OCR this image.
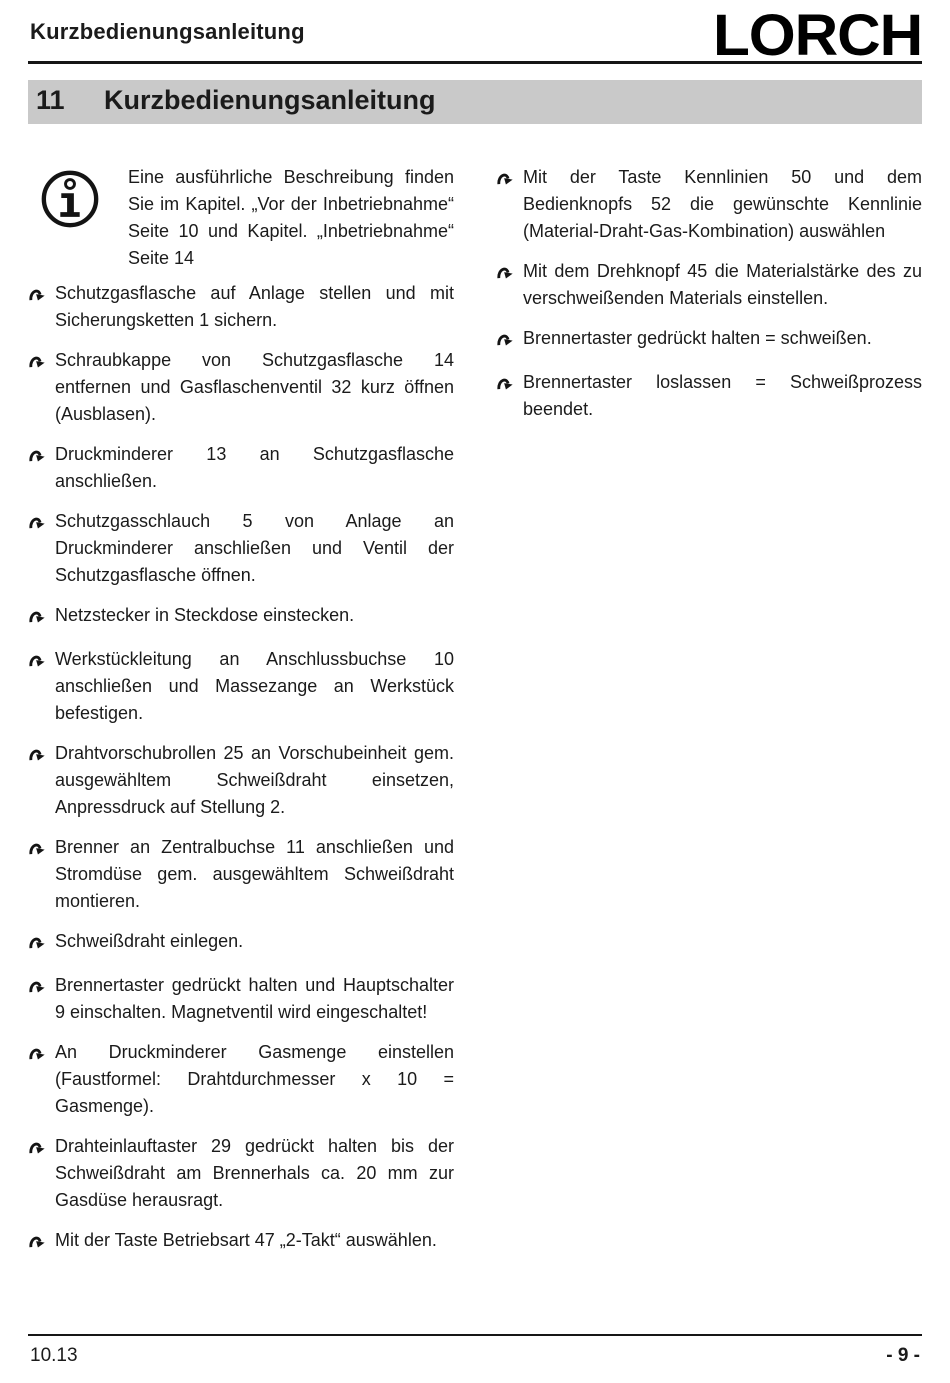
Kurzbedienungsanleitung	LORCH
11	Kurzbedienungsanleitung
Eine ausführliche Beschreibung finden Sie im Kapitel. „Vor der Inbetriebnahme“ Seite 10 und Kapitel. „Inbetriebnahme“ Seite 14
Schutzgasflasche auf Anlage stellen und mit Sicherungsketten 1 sichern.
Schraubkappe von Schutzgasflasche 14 entfernen und Gasflaschenventil 32 kurz öffnen (Ausblasen).
Druckminderer 13 an Schutzgasflasche anschließen.
Schutzgasschlauch 5 von Anlage an Druckminderer anschließen und Ventil der Schutzgasflasche öffnen.
Netzstecker in Steckdose einstecken.
Werkstückleitung an Anschlussbuchse 10 anschließen und Massezange an Werkstück befestigen.
Drahtvorschubrollen 25 an Vorschubeinheit gem. ausgewähltem Schweißdraht einsetzen, Anpressdruck auf Stellung 2.
Brenner an Zentralbuchse 11 anschließen und Stromdüse gem. ausgewähltem Schweißdraht montieren.
Schweißdraht einlegen.
Brennertaster gedrückt halten und Hauptschalter 9 einschalten. Magnetventil wird eingeschaltet!
An Druckminderer Gasmenge einstellen (Faustformel: Drahtdurchmesser x 10 = Gasmenge).
Drahteinlauftaster 29 gedrückt halten bis der Schweißdraht am Brennerhals ca. 20 mm zur Gasdüse herausragt.
Mit der Taste Betriebsart 47 „2-Takt“ auswählen.
Mit der Taste Kennlinien 50 und dem Bedienknopfs 52 die gewünschte Kennlinie (Material-Draht-Gas-Kombination) auswählen
Mit dem Drehknopf 45 die Materialstärke des zu verschweißenden Materials einstellen.
Brennertaster gedrückt halten = schweißen.
Brennertaster loslassen = Schweißprozess beendet.
10.13	- 9 -
